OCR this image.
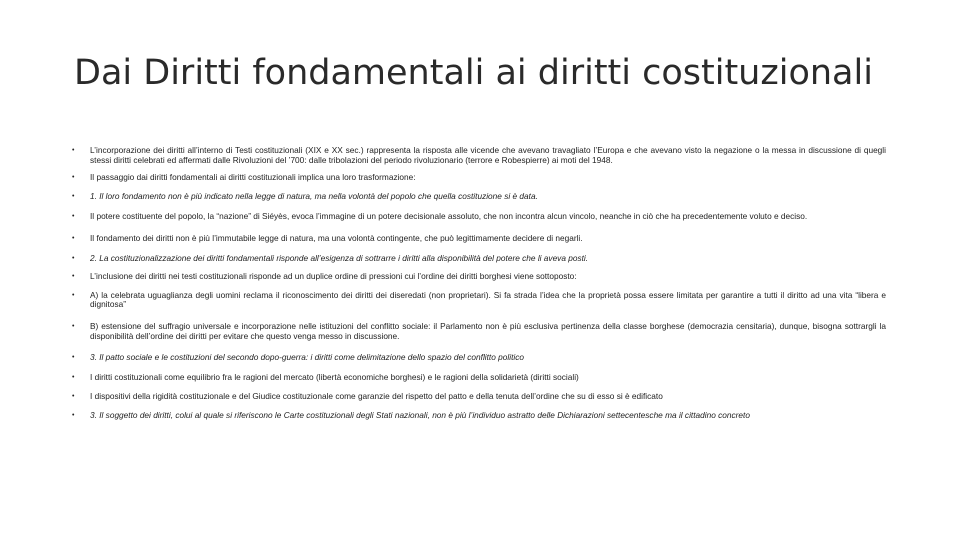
Dai Diritti fondamentali ai diritti costituzionali
• L’incorporazione dei diritti all’interno di Testi costituzionali (XIX e XX sec.) rappresenta la risposta alle vicende che avevano travagliato l’Europa e che avevano visto la negazione o la messa in discussione di quegli stessi diritti celebrati ed affermati dalle Rivoluzioni del ’700: dalle tribolazioni del periodo rivoluzionario (terrore e Robespierre) ai moti del 1948.
• Il passaggio dai diritti fondamentali ai diritti costituzionali implica una loro trasformazione:
• 1. Il loro fondamento non è più indicato nella legge di natura, ma nella volontà del popolo che quella costituzione si è data.
• Il potere costituente del popolo, la “nazione” di Siéyès, evoca l’immagine di un potere decisionale assoluto, che non incontra alcun vincolo, neanche in ciò che ha precedentemente voluto e deciso.
• Il fondamento dei diritti non è più l’immutabile legge di natura, ma una volontà contingente, che può legittimamente decidere di negarli.
• 2. La costituzionalizzazione dei diritti fondamentali risponde all’esigenza di sottrarre i diritti alla disponibilità del potere che li aveva posti.
• L’inclusione dei diritti nei testi costituzionali risponde ad un duplice ordine di pressioni cui l’ordine dei diritti borghesi viene sottoposto:
• A) la celebrata uguaglianza degli uomini reclama il riconoscimento dei diritti dei diseredati (non proprietari). Si fa strada l’idea che la proprietà possa essere limitata per garantire a tutti il diritto ad una vita “libera e dignitosa”
• B) estensione del suffragio universale e incorporazione nelle istituzioni del conflitto sociale: il Parlamento non è più esclusiva pertinenza della classe borghese (democrazia censitaria), dunque, bisogna sottrargli la disponibilità dell’ordine dei diritti per evitare che questo venga messo in discussione.
• 3. Il patto sociale e le costituzioni del secondo dopo-guerra: i diritti come delimitazione dello spazio del conflitto politico
• I diritti costituzionali come equilibrio fra le ragioni del mercato (libertà economiche borghesi) e le ragioni della solidarietà (diritti sociali)
• I dispositivi della rigidità costituzionale e del Giudice costituzionale come garanzie del rispetto del patto e della tenuta dell’ordine che su di esso si è edificato
• 3. Il soggetto dei diritti, colui al quale si riferiscono le Carte costituzionali degli Stati nazionali, non è più l’individuo astratto delle Dichiarazioni settecentesche ma il cittadino concreto
